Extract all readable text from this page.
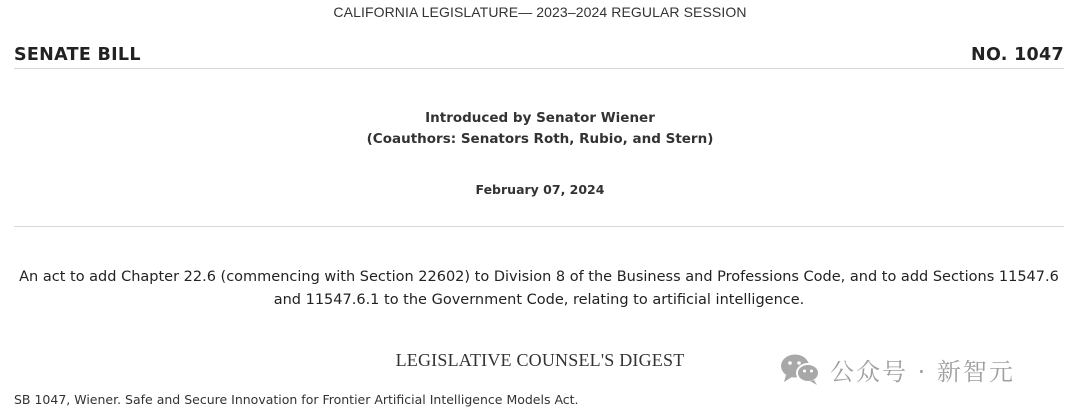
CALIFORNIA LEGISLATURE— 2023–2024 REGULAR SESSION
SENATE BILL	NO. 1047
Introduced by Senator Wiener
(Coauthors: Senators Roth, Rubio, and Stern)
February 07, 2024
An act to add Chapter 22.6 (commencing with Section 22602) to Division 8 of the Business and Professions Code, and to add Sections 11547.6 and 11547.6.1 to the Government Code, relating to artificial intelligence.
LEGISLATIVE COUNSEL'S DIGEST
SB 1047, Wiener. Safe and Secure Innovation for Frontier Artificial Intelligence Models Act.
公众号 · 新智元
